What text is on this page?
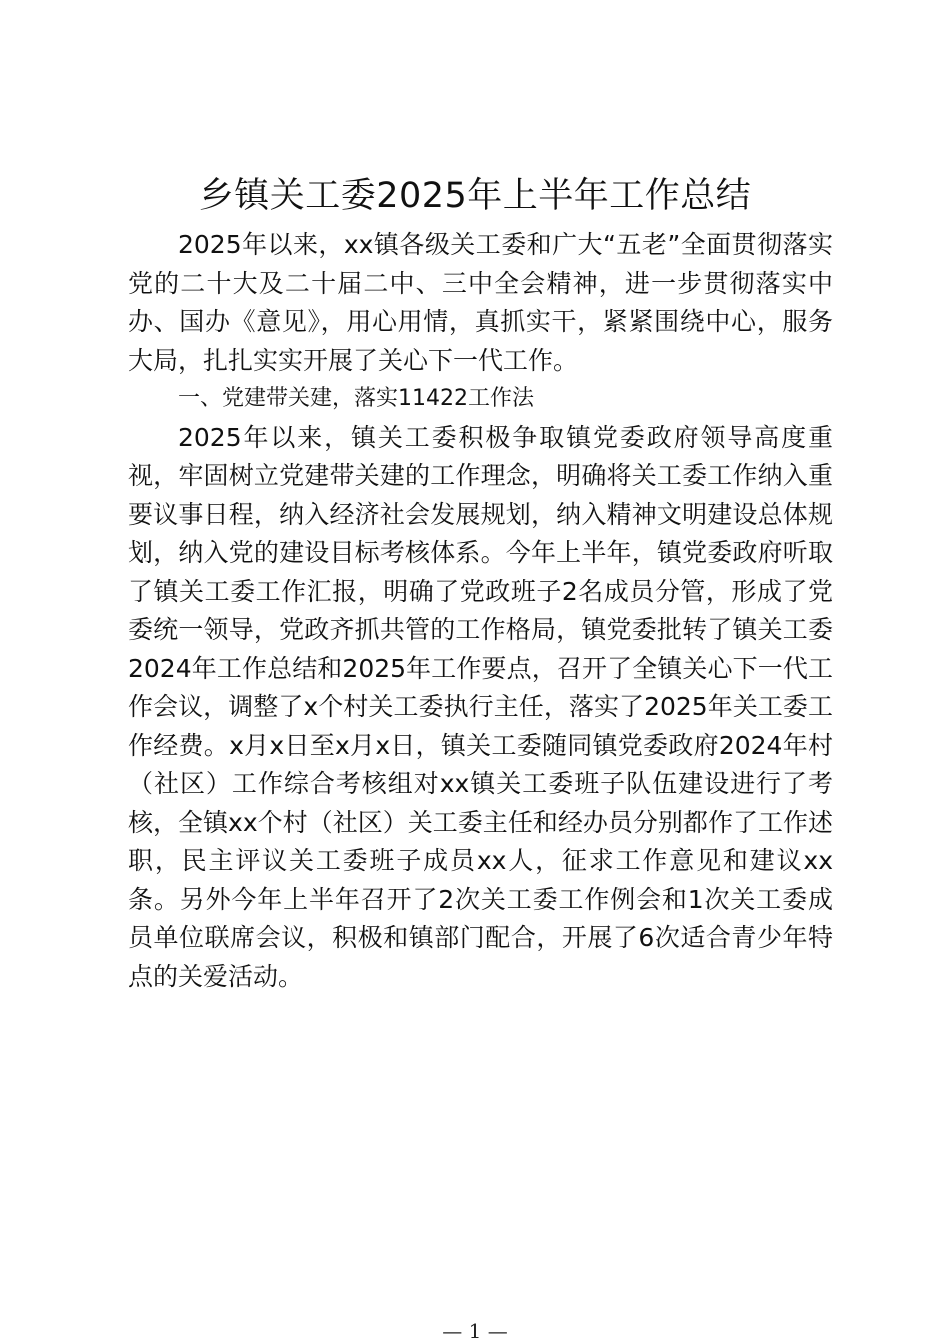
乡镇关工委2025年上半年工作总结

2025年以来，xx镇各级关工委和广大“五老”全面贯彻落实党的二十大及二十届二中、三中全会精神，进一步贯彻落实中办、国办《意见》，用心用情，真抓实干，紧紧围绕中心，服务大局，扎扎实实开展了关心下一代工作。

一、党建带关建，落实11422工作法

2025年以来，镇关工委积极争取镇党委政府领导高度重视，牢固树立党建带关建的工作理念，明确将关工委工作纳入重要议事日程，纳入经济社会发展规划，纳入精神文明建设总体规划，纳入党的建设目标考核体系。今年上半年，镇党委政府听取了镇关工委工作汇报，明确了党政班子2名成员分管，形成了党委统一领导，党政齐抓共管的工作格局，镇党委批转了镇关工委2024年工作总结和2025年工作要点，召开了全镇关心下一代工作会议，调整了x个村关工委执行主任，落实了2025年关工委工作经费。x月x日至x月x日，镇关工委随同镇党委政府2024年村（社区）工作综合考核组对xx镇关工委班子队伍建设进行了考核，全镇xx个村（社区）关工委主任和经办员分别都作了工作述职，民主评议关工委班子成员xx人，征求工作意见和建议xx条。另外今年上半年召开了2次关工委工作例会和1次关工委成员单位联席会议，积极和镇部门配合，开展了6次适合青少年特点的关爱活动。

— 1 —
